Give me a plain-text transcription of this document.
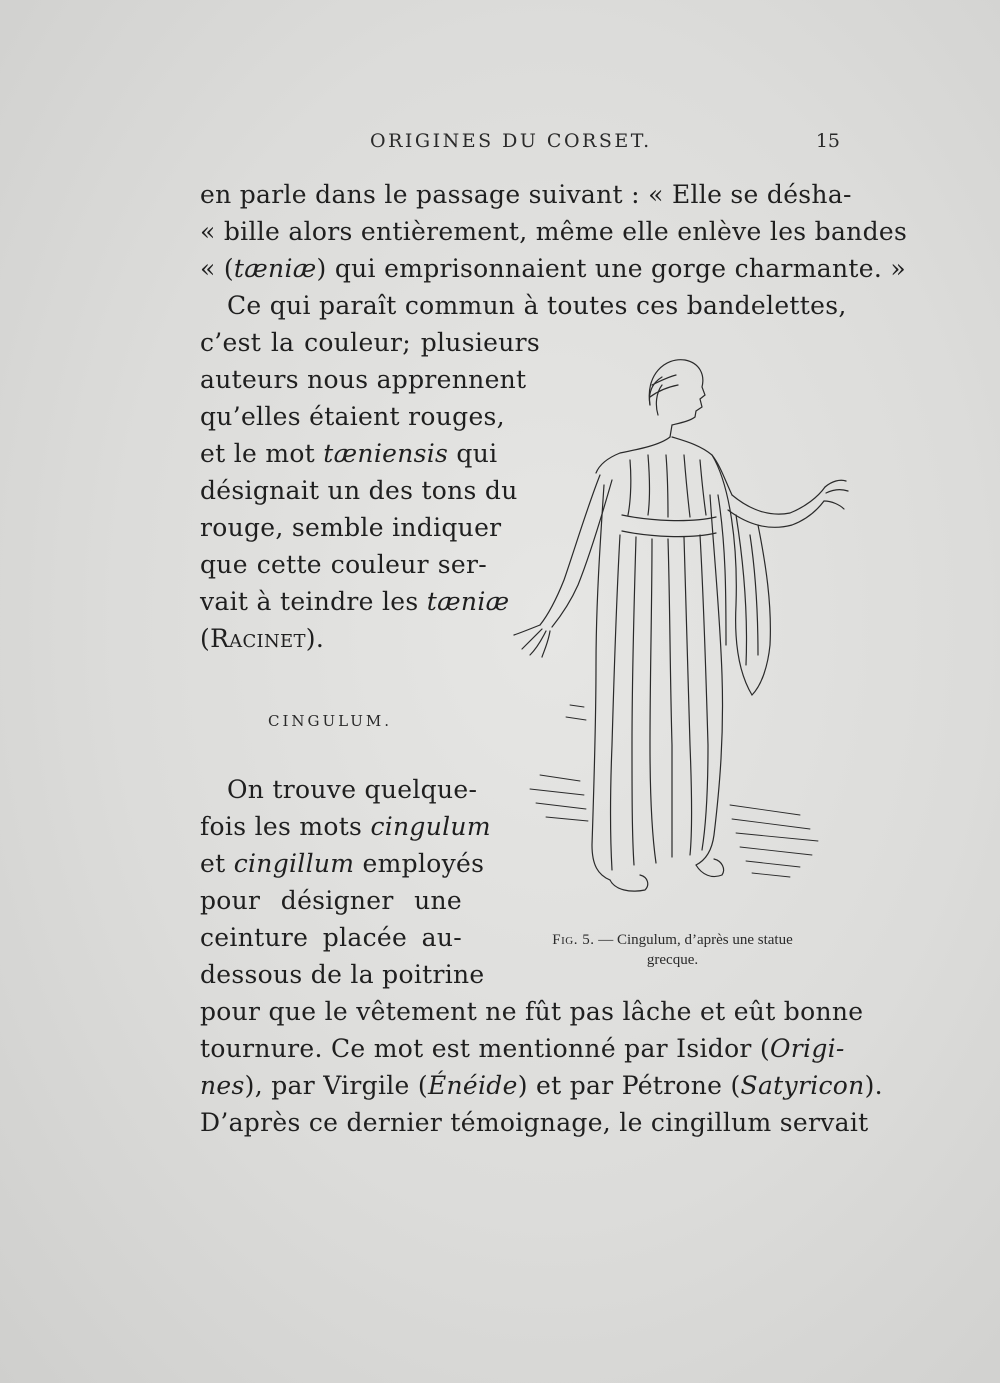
ORIGINES DU CORSET.	15
en parle dans le passage suivant : « Elle se désha-
« bille alors entièrement, même elle enlève les bandes
« (tæniæ) qui emprisonnaient une gorge charmante. »
Ce qui paraît commun à toutes ces bandelettes,
c’est la couleur; plusieurs
auteurs nous apprennent
qu’elles étaient rouges,
et le mot tæniensis qui
désignait un des tons du
rouge, semble indiquer
que cette couleur ser-
vait à teindre les tæniæ
(Racinet).
CINGULUM.
On trouve quelque-
fois les mots cingulum
et cingillum employés
pour désigner une
ceinture placée au-
dessous de la poitrine
pour que le vêtement ne fût pas lâche et eût bonne
tournure. Ce mot est mentionné par Isidor (Origi-
nes), par Virgile (Énéide) et par Pétrone (Satyricon).
D’après ce dernier témoignage, le cingillum servait
Fig. 5. — Cingulum, d’après une statue
grecque.
